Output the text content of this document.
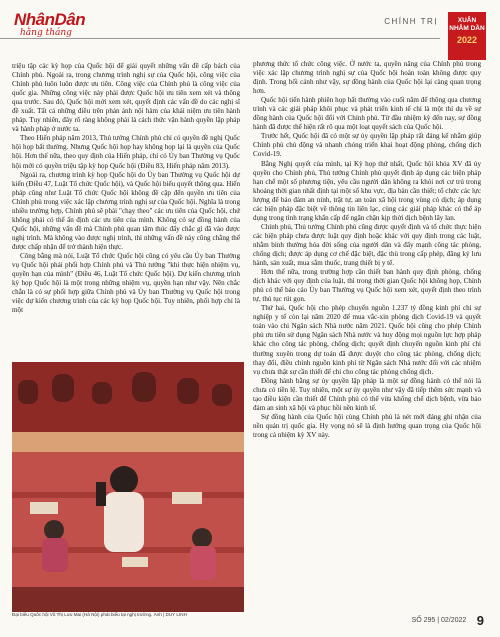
NhânDân
hằng tháng
CHÍNH TRỊ	XUÂN
NHÂM DẦN
2022

triệu tập các kỳ họp của Quốc hội để giải quyết những vấn đề cấp bách của Chính phủ. Ngoài ra, trong chương trình nghị sự của Quốc hội, công việc của Chính phủ luôn luôn được ưu tiên. Công việc của Chính phủ là công việc của quốc gia. Những công việc này phải được Quốc hội ưu tiên xem xét và thông qua trước. Sau đó, Quốc hội mới xem xét, quyết định các vấn đề do các nghị sĩ đề xuất. Tất cả những điều trên phản ánh nội hàm của khái niệm ưu tiên hành pháp. Tuy nhiên, đây rõ ràng không phải là cách thức vận hành quyền lập pháp và hành pháp ở nước ta.

Theo Hiến pháp năm 2013, Thủ tướng Chính phủ chỉ có quyền đề nghị Quốc hội họp bất thường. Nhưng Quốc hội họp hay không họp lại là quyền của Quốc hội. Hơn thế nữa, theo quy định của Hiến pháp, chỉ có Ủy ban Thường vụ Quốc hội mới có quyền triệu tập kỳ họp Quốc hội (Điều 83, Hiến pháp năm 2013).

Ngoài ra, chương trình kỳ họp Quốc hội do Ủy ban Thường vụ Quốc hội dự kiến (Điều 47, Luật Tổ chức Quốc hội), và Quốc hội biểu quyết thông qua. Hiến pháp cũng như Luật Tổ chức Quốc hội không đề cập đến quyền ưu tiên của Chính phủ trong việc xác lập chương trình nghị sự của Quốc hội. Nghĩa là trong nhiều trường hợp, Chính phủ sẽ phải "chạy theo" các ưu tiên của Quốc hội, chứ không phải có thể ấn định các ưu tiên của mình. Không có sự đồng hành của Quốc hội, những vấn đề mà Chính phủ quan tâm thúc đẩy chắc gì đã vào được nghị trình. Mà không vào được nghị trình, thì những vấn đề này cũng chẳng thể được chấp nhận để trở thành hiện thực.

Công bằng mà nói, Luật Tổ chức Quốc hội cũng có yêu cầu Ủy ban Thường vụ Quốc hội phải phối hợp Chính phủ và Thủ tướng "khi thực hiện nhiệm vụ, quyền hạn của mình" (Điều 46, Luật Tổ chức Quốc hội). Dự kiến chương trình kỳ họp Quốc hội là một trong những nhiệm vụ, quyền hạn như vậy. Nên chắc chắn là có sự phối hợp giữa Chính phủ và Ủy ban Thường vụ Quốc hội trong việc dự kiến chương trình của các kỳ họp Quốc hội. Tuy nhiên, phối hợp chỉ là một

Đại biểu Quốc hội Vũ Thị Lưu Mai (Hà Nội) phát biểu tại nghị trường. Ảnh | DUY LINH

phương thức tổ chức công việc. Ở nước ta, quyền năng của Chính phủ trong việc xác lập chương trình nghị sự của Quốc hội hoàn toàn không được quy định. Trong bối cảnh như vậy, sự đồng hành của Quốc hội lại càng quan trọng hơn.

Quốc hội tiến hành phiên họp bất thường vào cuối năm để thông qua chương trình và các giải pháp khôi phục và phát triển kinh tế chỉ là một thí dụ về sự đồng hành của Quốc hội đối với Chính phủ. Từ đầu nhiệm kỳ đến nay, sự đồng hành đã được thể hiện rất rõ qua một loạt quyết sách của Quốc hội.

Trước hết, Quốc hội đã có một sự ủy quyền lập pháp rất đáng kể nhằm giúp Chính phủ chủ động và nhanh chóng triển khai hoạt động phòng, chống dịch Covid-19.

Bằng Nghị quyết của mình, tại Kỳ họp thứ nhất, Quốc hội khóa XV đã ủy quyền cho Chính phủ, Thủ tướng Chính phủ quyết định áp dụng các biện pháp hạn chế một số phương tiện, yêu cầu người dân không ra khỏi nơi cư trú trong khoảng thời gian nhất định tại một số khu vực, địa bàn cần thiết; tổ chức các lực lượng để bảo đảm an ninh, trật tự, an toàn xã hội trong vùng có dịch; áp dụng các biện pháp đặc biệt về thông tin liên lạc, cùng các giải pháp khác có thể áp dụng trong tình trạng khẩn cấp để ngăn chặn kịp thời dịch bệnh lây lan.

Chính phủ, Thủ tướng Chính phủ cũng được quyết định và tổ chức thực hiện các biện pháp chưa được luật quy định hoặc khác với quy định trong các luật, nhằm bình thường hóa đời sống của người dân và đẩy mạnh công tác phòng, chống dịch; được áp dụng cơ chế đặc biệt, đặc thù trong cấp phép, đăng ký lưu hành, sản xuất, mua sắm thuốc, trang thiết bị y tế.

Hơn thế nữa, trong trường hợp cần thiết ban hành quy định phòng, chống dịch khác với quy định của luật, thì trong thời gian Quốc hội không họp, Chính phủ có thể báo cáo Ủy ban Thường vụ Quốc hội xem xét, quyết định theo trình tự, thủ tục rút gọn.

Thứ hai, Quốc hội cho phép chuyển nguồn 1.237 tỷ đồng kinh phí chi sự nghiệp y tế còn lại năm 2020 để mua vắc-xin phòng dịch Covid-19 và quyết toán vào chi Ngân sách Nhà nước năm 2021. Quốc hội cũng cho phép Chính phủ ưu tiên sử dụng Ngân sách Nhà nước và huy động mọi nguồn lực hợp pháp khác cho công tác phòng, chống dịch; quyết định chuyển nguồn kinh phí chi thường xuyên trong dự toán đã được duyệt cho công tác phòng, chống dịch; thay đổi, điều chỉnh nguồn kinh phí từ Ngân sách Nhà nước đối với các nhiệm vụ chưa thật sự cần thiết để chi cho công tác phòng chống dịch.

Đồng hành bằng sự ủy quyền lập pháp là một sự đồng hành có thể nói là chưa có tiền lệ. Tuy nhiên, một sự ủy quyền như vậy đã tiếp thêm sức mạnh và tạo điều kiện cần thiết để Chính phủ có thể vừa khống chế dịch bệnh, vừa bảo đảm an sinh xã hội và phục hồi nền kinh tế.

Sự đồng hành của Quốc hội cùng Chính phủ là nét mới đáng ghi nhận của nền quản trị quốc gia. Hy vọng nó sẽ là định hướng quan trọng của Quốc hội trong cả nhiệm kỳ XV này.

SỐ 295 | 02/2022 9
